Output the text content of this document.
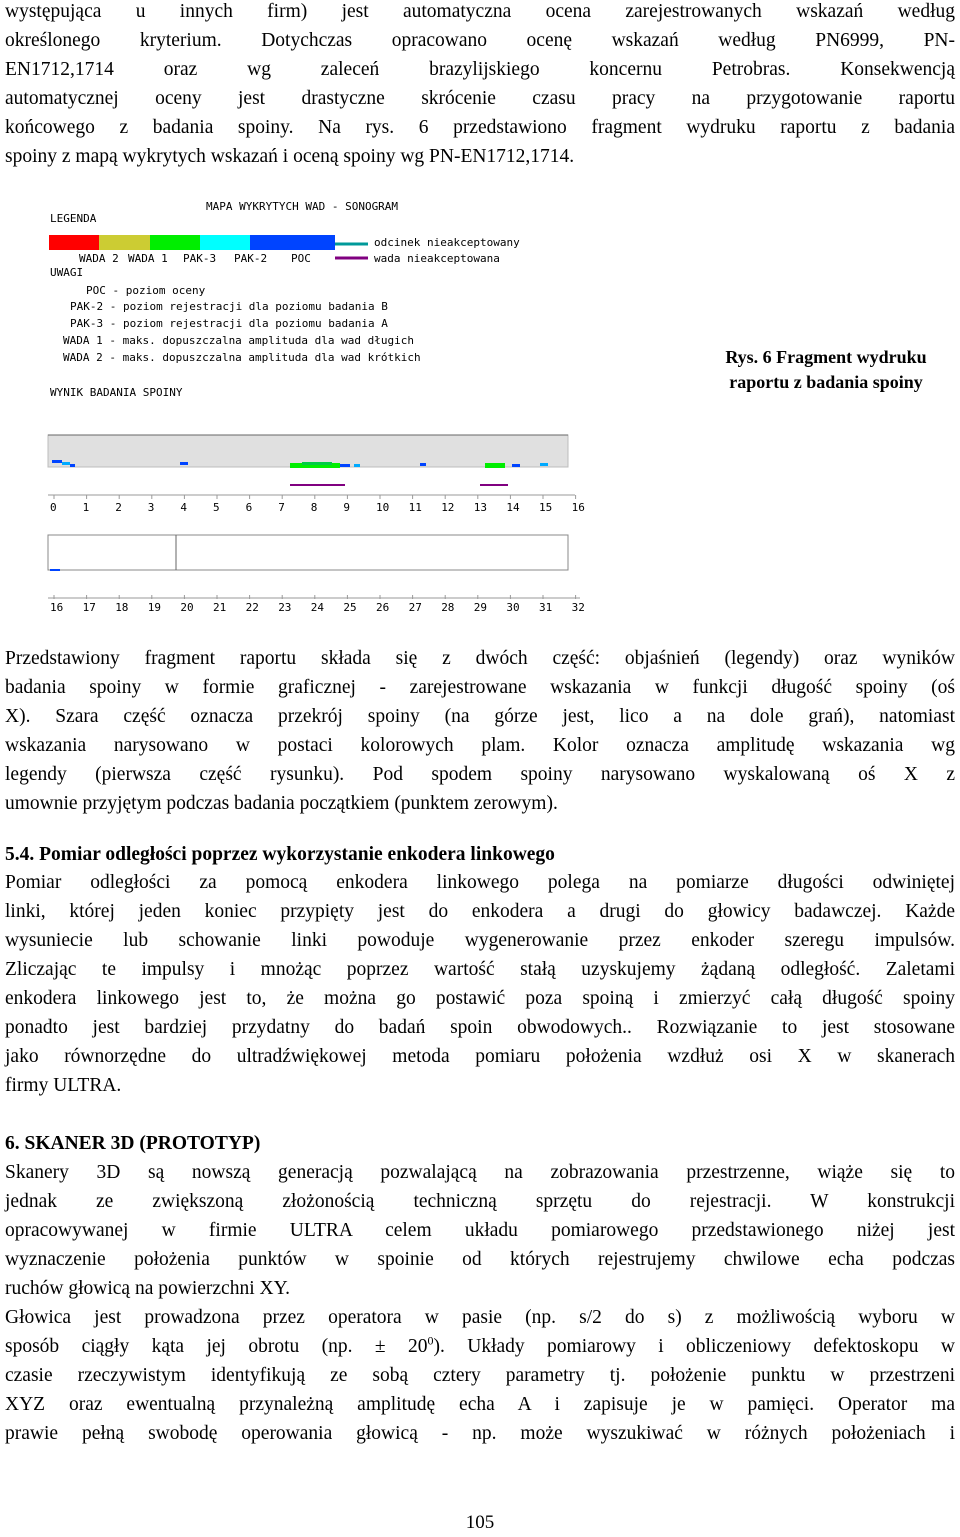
występująca u innych firm) jest automatyczna ocena zarejestrowanych wskazań według
określonego kryterium. Dotychczas opracowano ocenę wskazań według PN6999, PN-
EN1712,1714 oraz wg zaleceń brazylijskiego koncernu Petrobras. Konsekwencją
automatycznej oceny jest drastyczne skrócenie czasu pracy na przygotowanie raportu
końcowego z badania spoiny. Na rys. 6 przedstawiono fragment wydruku raportu z badania
spoiny z mapą wykrytych wskazań i oceną spoiny wg PN-EN1712,1714.
MAPA WYKRYTYCH WAD - SONOGRAM
LEGENDA
WADA 2 WADA 1 PAK-3 PAK-2 POC
odcinek nieakceptowany
wada nieakceptowana
UWAGI
POC - poziom oceny
PAK-2 - poziom rejestracji dla poziomu badania B
PAK-3 - poziom rejestracji dla poziomu badania A
WADA 1 - maks. dopuszczalna amplituda dla wad długich
WADA 2 - maks. dopuszczalna amplituda dla wad krótkich
WYNIK BADANIA SPOINY
0 1 2 3 4 5 6 7 8 9 10 11 12 13 14 15 16
16 17 18 19 20 21 22 23 24 25 26 27 28 29 30 31 32
Rys. 6 Fragment wydruku raportu z badania spoiny
Przedstawiony fragment raportu składa się z dwóch część: objaśnień (legendy) oraz wyników
badania spoiny w formie graficznej - zarejestrowane wskazania w funkcji długość spoiny (oś
X). Szara część oznacza przekrój spoiny (na górze jest, lico a na dole grań), natomiast
wskazania narysowano w postaci kolorowych plam. Kolor oznacza amplitudę wskazania wg
legendy (pierwsza część rysunku). Pod spodem spoiny narysowano wyskalowaną oś X z
umownie przyjętym podczas badania początkiem (punktem zerowym).
5.4. Pomiar odległości poprzez wykorzystanie enkodera linkowego
Pomiar odległości za pomocą enkodera linkowego polega na pomiarze długości odwiniętej
linki, której jeden koniec przypięty jest do enkodera a drugi do głowicy badawczej. Każde
wysuniecie lub schowanie linki powoduje wygenerowanie przez enkoder szeregu impulsów.
Zliczając te impulsy i mnożąc poprzez wartość stałą uzyskujemy żądaną odległość. Zaletami
enkodera linkowego jest to, że można go postawić poza spoiną i zmierzyć całą długość spoiny
ponadto jest bardziej przydatny do badań spoin obwodowych.. Rozwiązanie to jest stosowane
jako równorzędne do ultradźwiękowej metoda pomiaru położenia wzdłuż osi X w skanerach
firmy ULTRA.
6. SKANER 3D (PROTOTYP)
Skanery 3D są nowszą generacją pozwalającą na zobrazowania przestrzenne, wiąże się to
jednak ze zwiększoną złożonością techniczną sprzętu do rejestracji. W konstrukcji
opracowywanej w firmie ULTRA celem układu pomiarowego przedstawionego niżej jest
wyznaczenie położenia punktów w spoinie od których rejestrujemy chwilowe echa podczas
ruchów głowicą na powierzchni XY.
Głowica jest prowadzona przez operatora w pasie (np. s/2 do s) z możliwością wyboru w
sposób ciągły kąta jej obrotu (np. ± $20^0$). Układy pomiarowy i obliczeniowy defektoskopu w
czasie rzeczywistym identyfikują ze sobą cztery parametry tj. położenie punktu w przestrzeni
XYZ oraz ewentualną przynależną amplitudę echa A i zapisuje je w pamięci. Operator ma
prawie pełną swobodę operowania głowicą - np. może wyszukiwać w różnych położeniach i
105
